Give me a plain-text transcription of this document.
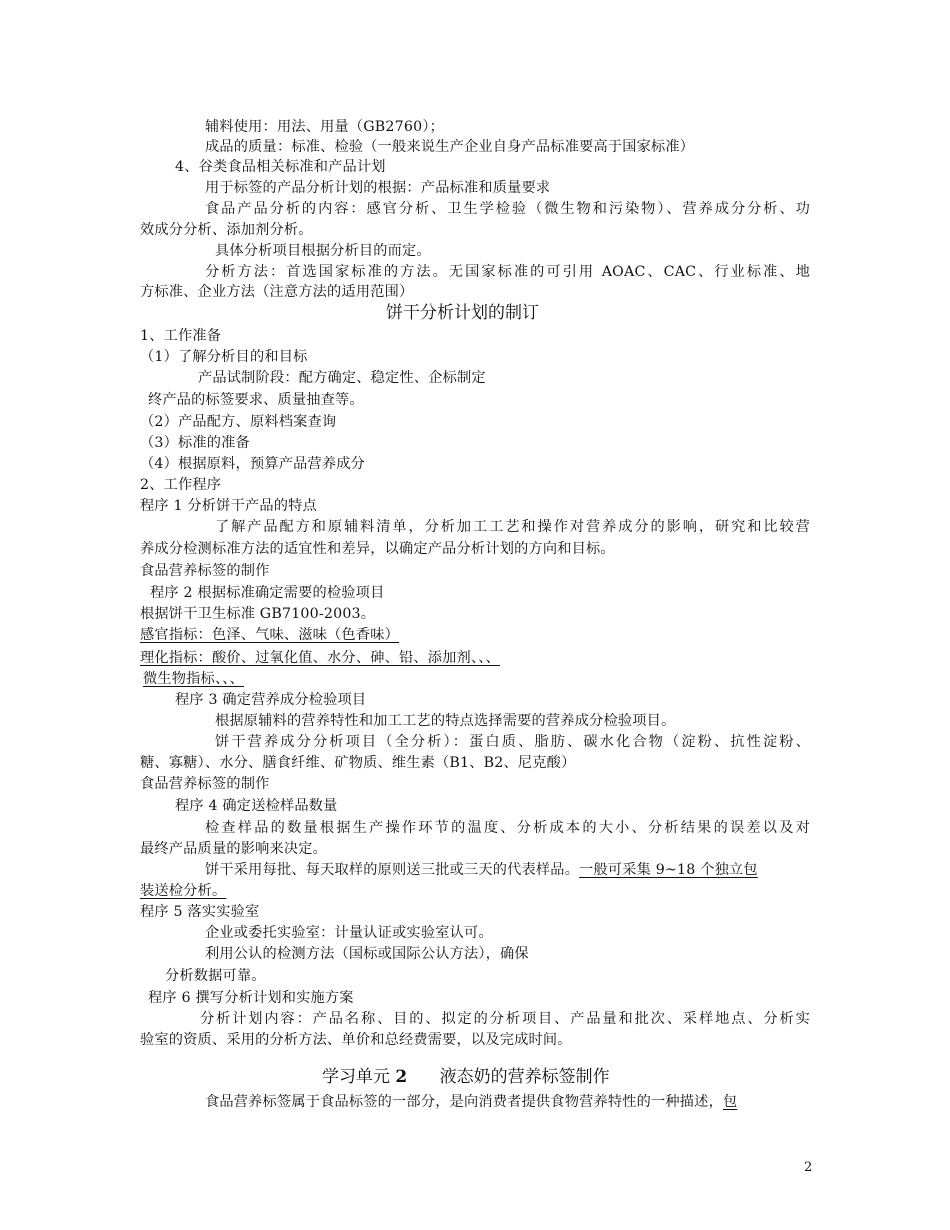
辅料使用：用法、用量（GB2760）；
成品的质量：标准、检验（一般来说生产企业自身产品标准要高于国家标准）
4、谷类食品相关标准和产品计划
用于标签的产品分析计划的根据：产品标准和质量要求
食品产品分析的内容：感官分析、卫生学检验（微生物和污染物）、营养成分分析、功
效成分分析、添加剂分析。
具体分析项目根据分析目的而定。
分析方法：首选国家标准的方法。无国家标准的可引用 AOAC、CAC、行业标准、地
方标准、企业方法（注意方法的适用范围）
饼干分析计划的制订
1、工作准备
（1）了解分析目的和目标
产品试制阶段：配方确定、稳定性、企标制定
终产品的标签要求、质量抽查等。
（2）产品配方、原料档案查询
（3）标准的准备
（4）根据原料，预算产品营养成分
2、工作程序
程序 1 分析饼干产品的特点
了解产品配方和原辅料清单，分析加工工艺和操作对营养成分的影响，研究和比较营
养成分检测标准方法的适宜性和差异，以确定产品分析计划的方向和目标。
食品营养标签的制作
程序 2 根据标准确定需要的检验项目
根据饼干卫生标准 GB7100-2003。
感官指标：色泽、气味、滋味（色香味）
理化指标：酸价、过氧化值、水分、砷、铅、添加剂、、、
微生物指标、、、
程序 3 确定营养成分检验项目
根据原辅料的营养特性和加工工艺的特点选择需要的营养成分检验项目。
饼干营养成分分析项目（全分析）：蛋白质、脂肪、碳水化合物（淀粉、抗性淀粉、
糖、寡糖）、水分、膳食纤维、矿物质、维生素（B1、B2、尼克酸）
食品营养标签的制作
程序 4 确定送检样品数量
检查样品的数量根据生产操作环节的温度、分析成本的大小、分析结果的误差以及对
最终产品质量的影响来决定。
饼干采用每批、每天取样的原则送三批或三天的代表样品。一般可采集 9~18 个独立包
装送检分析。
程序 5 落实实验室
企业或委托实验室：计量认证或实验室认可。
利用公认的检测方法（国标或国际公认方法），确保
分析数据可靠。
程序 6 撰写分析计划和实施方案
分析计划内容：产品名称、目的、拟定的分析项目、产品量和批次、采样地点、分析实
验室的资质、采用的分析方法、单价和总经费需要，以及完成时间。
学习单元 2      液态奶的营养标签制作
食品营养标签属于食品标签的一部分，是向消费者提供食物营养特性的一种描述，包
2
